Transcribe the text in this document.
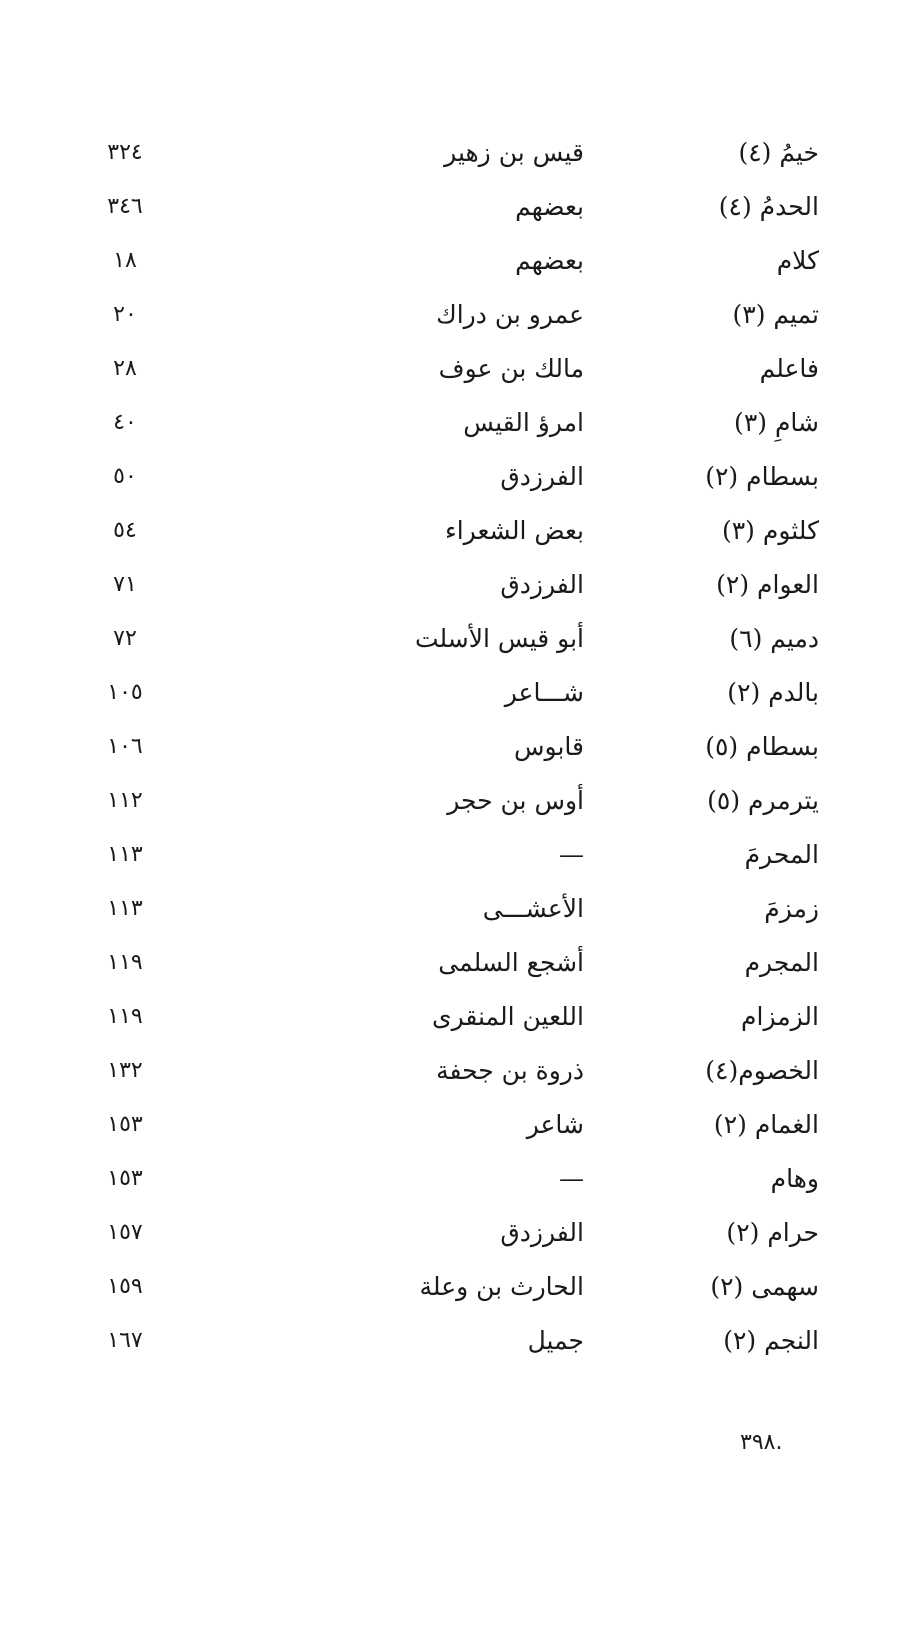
خيمُ (٤)
قيس بن زهير
٣٢٤
الحدمُ (٤)
بعضهم
٣٤٦
كلام
بعضهم
١٨
تميم (٣)
عمرو بن دراك
٢٠
فاعلم
مالك بن عوف
٢٨
شامِ (٣)
امرؤ القيس
٤٠
بسطام (٢)
الفرزدق
٥٠
كلثوم (٣)
بعض الشعراء
٥٤
العوام (٢)
الفرزدق
٧١
دميم (٦)
أبو قيس الأسلت
٧٢
بالدم (٢)
شـــاعر
١٠٥
بسطام (٥)
قابوس
١٠٦
يترمرم (٥)
أوس بن حجر
١١٢
المحرمَ
—
١١٣
زمزمَ
الأعشـــى
١١٣
المجرم
أشجع السلمى
١١٩
الزمزام
اللعين المنقرى
١١٩
الخصوم(٤)
ذروة بن جحفة
١٣٢
الغمام (٢)
شاعر
١٥٣
وهام
—
١٥٣
حرام (٢)
الفرزدق
١٥٧
سهمى (٢)
الحارث بن وعلة
١٥٩
النجم (٢)
جميل
١٦٧
٣٩٨.
